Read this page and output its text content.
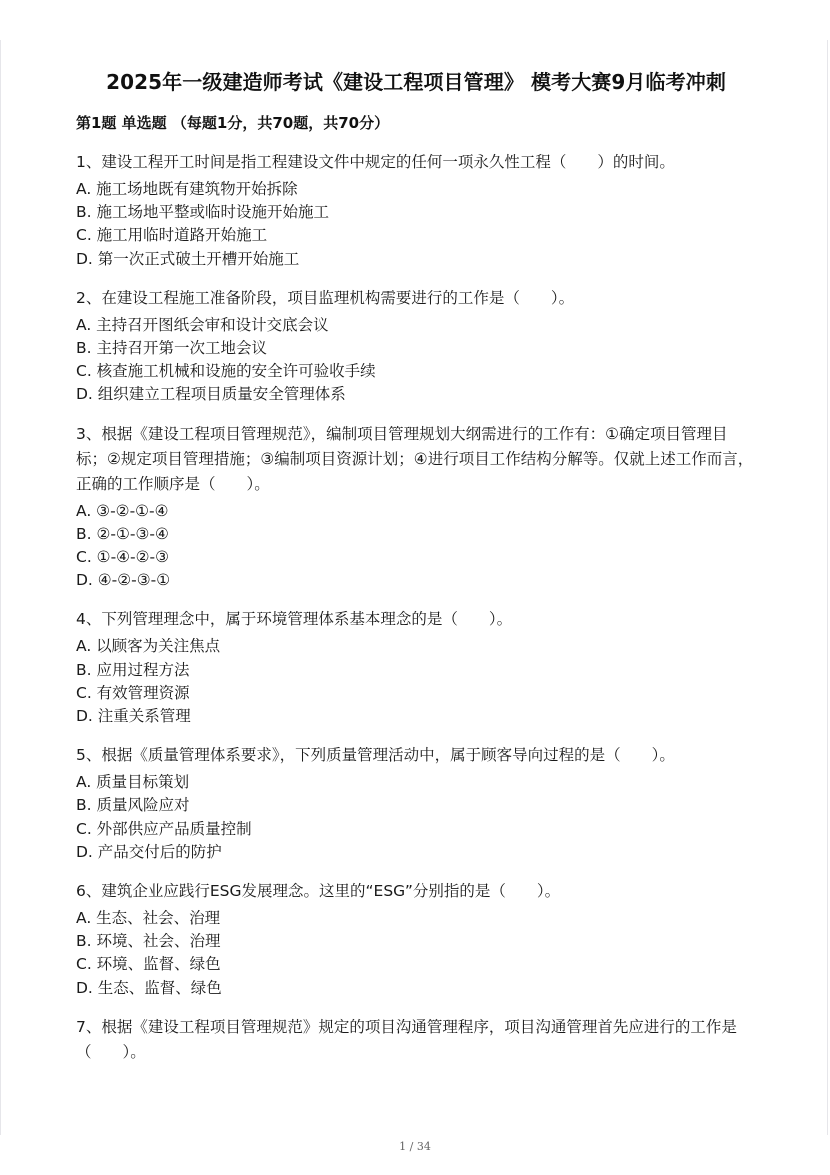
2025年一级建造师考试《建设工程项目管理》 模考大赛9月临考冲刺
第1题 单选题 （每题1分，共70题，共70分）

1、建设工程开工时间是指工程建设文件中规定的任何一项永久性工程（　　）的时间。

A. 施工场地既有建筑物开始拆除

B. 施工场地平整或临时设施开始施工

C. 施工用临时道路开始施工

D. 第一次正式破土开槽开始施工

2、在建设工程施工准备阶段，项目监理机构需要进行的工作是（　　）。

A. 主持召开图纸会审和设计交底会议

B. 主持召开第一次工地会议

C. 核查施工机械和设施的安全许可验收手续

D. 组织建立工程项目质量安全管理体系

3、根据《建设工程项目管理规范》，编制项目管理规划大纲需进行的工作有：①确定项目管理目标；②规定项目管理措施；③编制项目资源计划；④进行项目工作结构分解等。仅就上述工作而言，正确的工作顺序是（　　）。

A. ③-②-①-④

B. ②-①-③-④

C. ①-④-②-③

D. ④-②-③-①

4、下列管理理念中，属于环境管理体系基本理念的是（　　）。

A. 以顾客为关注焦点

B. 应用过程方法

C. 有效管理资源

D. 注重关系管理

5、根据《质量管理体系要求》，下列质量管理活动中，属于顾客导向过程的是（　　）。

A. 质量目标策划

B. 质量风险应对

C. 外部供应产品质量控制

D. 产品交付后的防护

6、建筑企业应践行ESG发展理念。这里的“ESG”分别指的是（　　）。

A. 生态、社会、治理

B. 环境、社会、治理

C. 环境、监督、绿色

D. 生态、监督、绿色

7、根据《建设工程项目管理规范》规定的项目沟通管理程序，项目沟通管理首先应进行的工作是（　　）。

1 / 34
